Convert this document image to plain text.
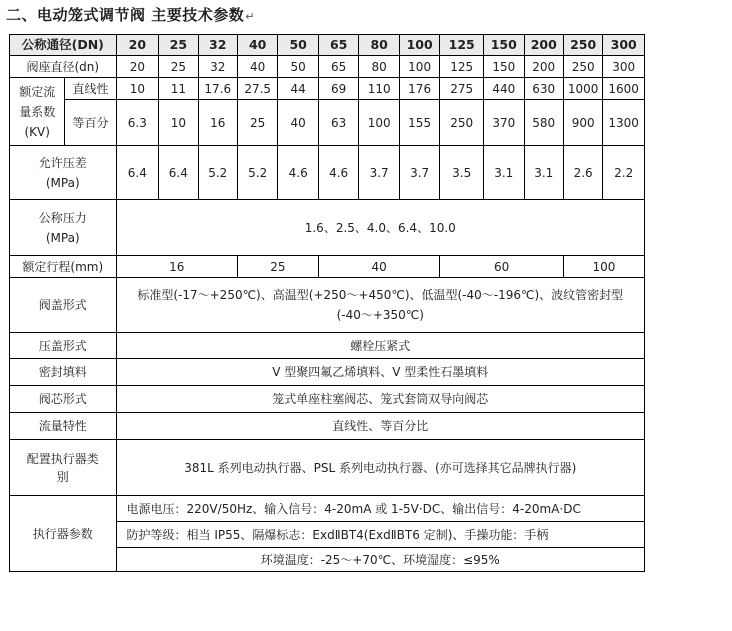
二、电动笼式调节阀 主要技术参数↵
公称通径(DN)		20	25	32	40	50	65	80	100	125	150	200	250	300
阀座直径(dn)		20	25	32	40	50	65	80	100	125	150	200	250	300

额定流
量系数
(KV)	直线性	10	11	17.6	27.5	44	69	110	176	275	440	630	1000	1600
	等百分	6.3	10	16	25	40	63	100	155	250	370	580	900	1300

允许压差
(MPa)		6.4	6.4	5.2	5.2	4.6	4.6	3.7	3.7	3.5	3.1	3.1	2.6	2.2

公称压力
(MPa)		1.6、2.5、4.0、6.4、10.0												
额定行程(mm)		16			25		40			60			100	
阀盖形式		标准型(-17～+250℃)、高温型(+250～+450℃)、低温型(-40～-196℃)、波纹管密封型
(-40～+350℃)												

压盖形式		螺栓压紧式												
密封填料		V 型聚四氟乙烯填料、V 型柔性石墨填料												
阀芯形式		笼式单座柱塞阀芯、笼式套筒双导向阀芯												
流量特性		直线性、等百分比												

配置执行器类
别		381L 系列电动执行器、PSL 系列电动执行器、(亦可选择其它品牌执行器)												
执行器参数		电源电压：220V/50Hz、输入信号：4-20mA 或 1-5V·DC、输出信号：4-20mA·DC												
		防护等级：相当 IP55、隔爆标志：ExdⅡBT4(ExdⅡBT6 定制)、手操功能：手柄												
		环境温度：-25～+70℃、环境湿度：≤95%												
